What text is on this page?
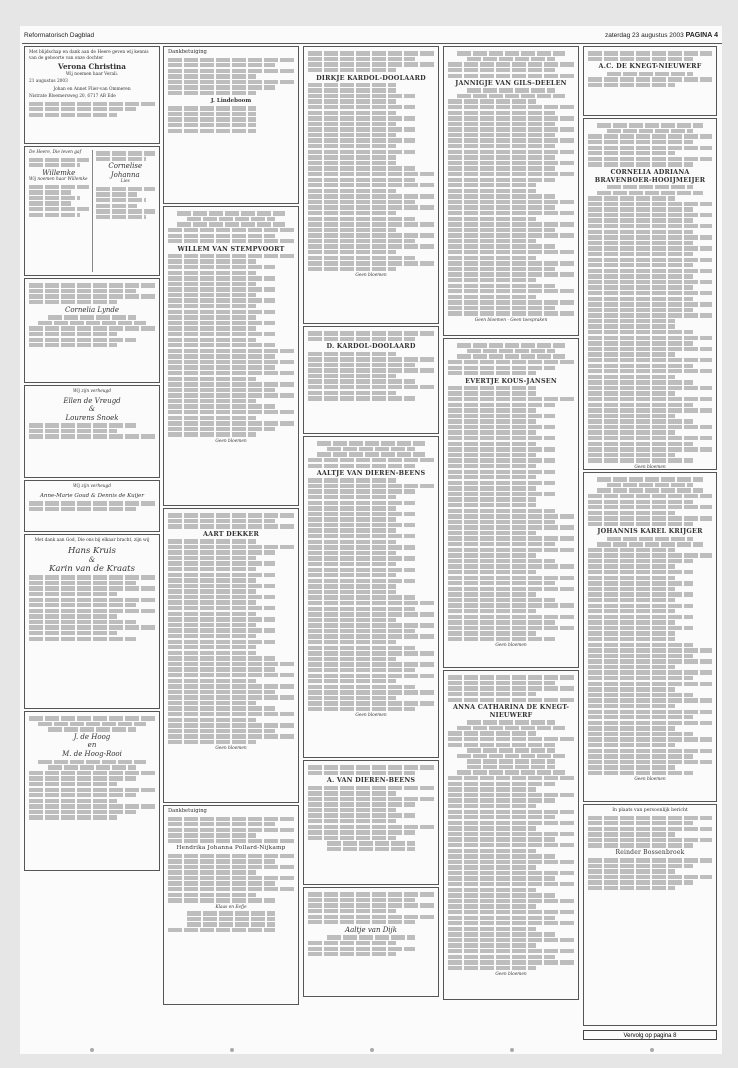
Reformatorisch Dagblad	zaterdag 23 augustus 2003 PAGINA 4

Met blijdschap en dank aan de Heere geven wij kennis van de geboorte van onze dochter

Verona Christina

Wij noemen haar Verali.

21 augustus 2003

Johan en Annet Flier-van Ommeren

Nistrate Bloemersweg 20, 6717 AB Ede

De Heere, Die leven gaf

Willemke

Wij noemen haar Willemke

Cornelise Johanna

Lies

Cornelia Lynde

Wij zijn verheugd

Ellen de Vreugd
&
Lourens Snoek

Wij zijn verheugd

Anne-Marie Goud & Dennis de Kuijer

Met dank aan God, Die ons bij elkaar bracht, zijn wij

Hans Kruis
&
Karin van de Kraats
J. de Hoog
en
M. de Hoog-Rooi

Dankbetuiging

J. Lindeboom
WILLEM VAN STEMPVOORT
Geen bloemen
AART DEKKER
Geen bloemen

Dankbetuiging

Hendrika Johanna Pollard-Nijkamp
Klaas en Eefje
DIRKJE KARDOL-DOOLAARD
Geen bloemen
D. KARDOL-DOOLAARD
AALTJE VAN DIEREN-BEENS
Geen bloemen
A. VAN DIEREN-BEENS
Aaltje van Dijk
JANNIGJE VAN GILS-DEELEN
Geen bloemen - Geen toespraken
EVERTJE KOUS-JANSEN
Geen bloemen
ANNA CATHARINA DE KNEGT-NIEUWERF
Geen bloemen
A.C. DE KNEGT-NIEUWERF
CORNELIA ADRIANA BRAVENBOER-HOOIJMEIJER
Geen bloemen
JOHANNIS KAREL KRIJGER
Geen bloemen

In plaats van persoonlijk bericht

Reinder Bossenbroek
Vervolg op pagina 8
